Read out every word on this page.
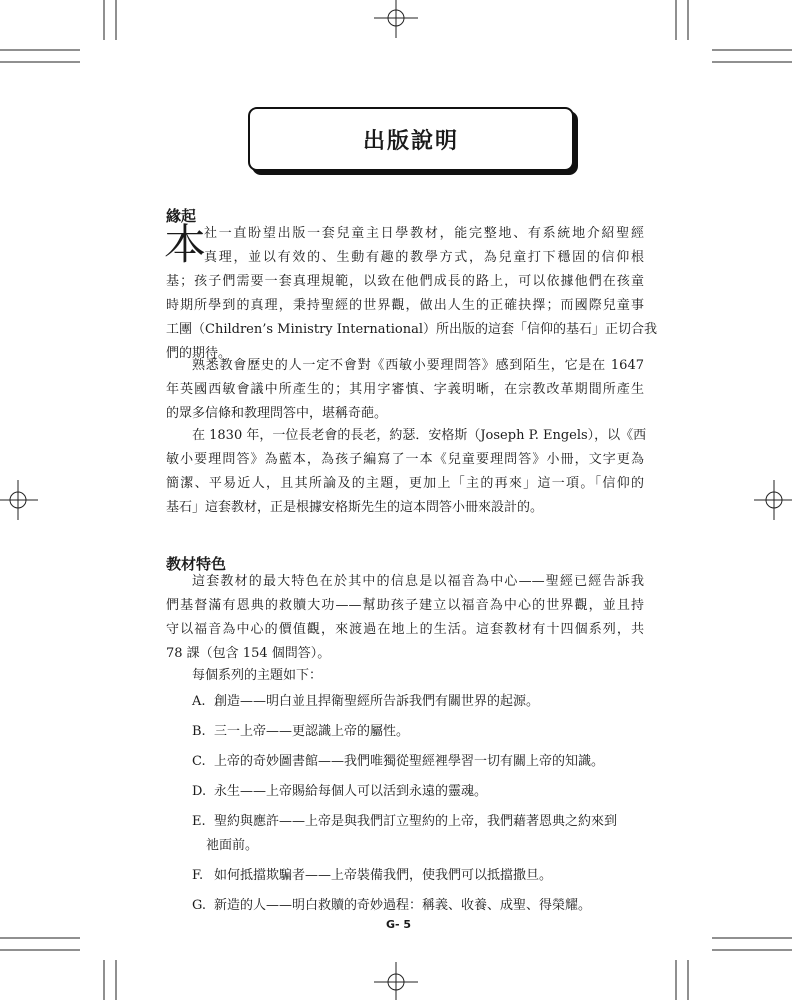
出版說明
緣起
本
社一直盼望出版一套兒童主日學教材，能完整地、有系統地介紹聖經
真理，並以有效的、生動有趣的教學方式，為兒童打下穩固的信仰根
基；孩子們需要一套真理規範，以致在他們成長的路上，可以依據他們在孩童
時期所學到的真理，秉持聖經的世界觀，做出人生的正確抉擇；而國際兒童事
工團（Children’s Ministry International）所出版的這套「信仰的基石」正切合我
們的期待。
熟悉教會歷史的人一定不會對《西敏小要理問答》感到陌生，它是在 1647
年英國西敏會議中所產生的；其用字審慎、字義明晰，在宗教改革期間所產生
的眾多信條和教理問答中，堪稱奇葩。
在 1830 年，一位長老會的長老，約瑟．安格斯（Joseph P. Engels），以《西
敏小要理問答》為藍本，為孩子編寫了一本《兒童要理問答》小冊，文字更為
簡潔、平易近人，且其所論及的主題，更加上「主的再來」這一項。「信仰的
基石」這套教材，正是根據安格斯先生的這本問答小冊來設計的。
教材特色
這套教材的最大特色在於其中的信息是以福音為中心——聖經已經告訴我
們基督滿有恩典的救贖大功——幫助孩子建立以福音為中心的世界觀，並且持
守以福音為中心的價值觀，來渡過在地上的生活。這套教材有十四個系列，共
78 課（包含 154 個問答）。
每個系列的主題如下：
A. 創造——明白並且捍衛聖經所告訴我們有關世界的起源。
B. 三一上帝——更認識上帝的屬性。
C. 上帝的奇妙圖書館——我們唯獨從聖經裡學習一切有關上帝的知識。
D. 永生——上帝賜給每個人可以活到永遠的靈魂。
E. 聖約與應許——上帝是與我們訂立聖約的上帝，我們藉著恩典之約來到
祂面前。
F. 如何抵擋欺騙者——上帝裝備我們，使我們可以抵擋撒旦。
G. 新造的人——明白救贖的奇妙過程：稱義、收養、成聖、得榮耀。
G- 5
